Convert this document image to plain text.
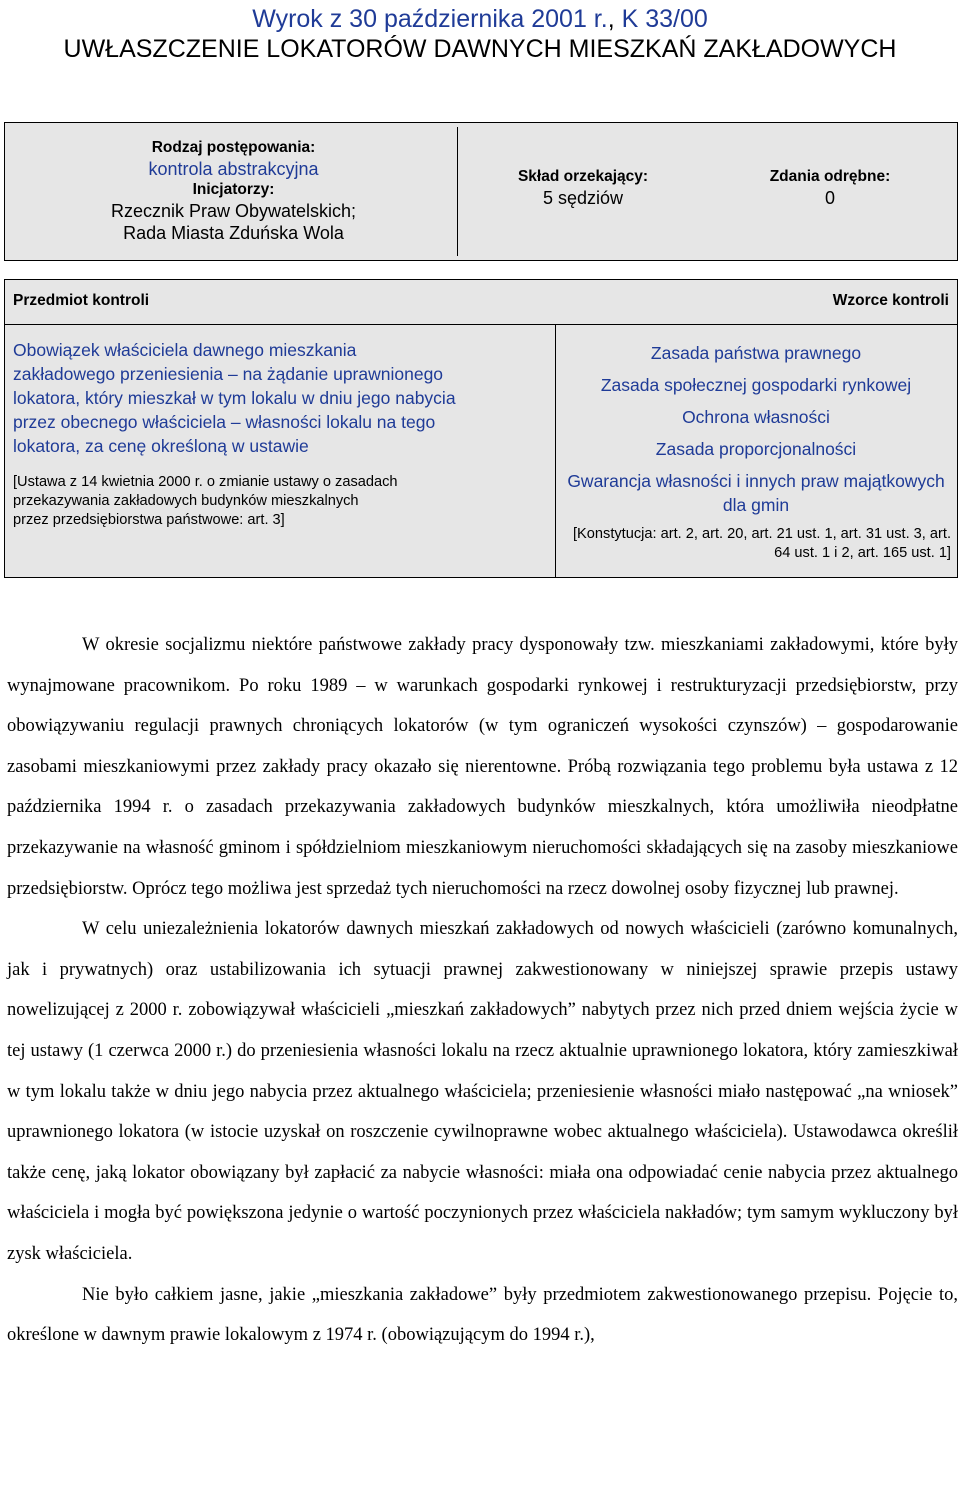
Wyrok z 30 października 2001 r., K 33/00
UWŁASZCZENIE LOKATORÓW DAWNYCH MIESZKAŃ ZAKŁADOWYCH
Rodzaj postępowania:
kontrola abstrakcyjna
Inicjatorzy:
Rzecznik Praw Obywatelskich;
Rada Miasta Zduńska Wola
Skład orzekający:
5 sędziów
Zdania odrębne:
0
Przedmiot kontroli	Wzorce kontroli
Obowiązek właściciela dawnego mieszkania
zakładowego przeniesienia – na żądanie uprawnionego
lokatora, który mieszkał w tym lokalu w dniu jego nabycia
przez obecnego właściciela – własności lokalu na tego
lokatora, za cenę określoną w ustawie
[Ustawa z 14 kwietnia 2000 r. o zmianie ustawy o zasadach
przekazywania zakładowych budynków mieszkalnych
przez przedsiębiorstwa państwowe: art. 3]
Zasada państwa prawnego
Zasada społecznej gospodarki rynkowej
Ochrona własności
Zasada proporcjonalności
Gwarancja własności i innych praw majątkowych dla gmin
[Konstytucja: art. 2, art. 20, art. 21 ust. 1, art. 31 ust. 3, art. 64 ust. 1 i 2, art. 165 ust. 1]

W okresie socjalizmu niektóre państwowe zakłady pracy dysponowały tzw. mieszkaniami zakładowymi, które były wynajmowane pracownikom. Po roku 1989 – w warunkach gospodarki rynkowej i restrukturyzacji przedsiębiorstw, przy obowiązywaniu regulacji prawnych chroniących lokatorów (w tym ograniczeń wysokości czynszów) – gospodarowanie zasobami mieszkaniowymi przez zakłady pracy okazało się nierentowne. Próbą rozwiązania tego problemu była ustawa z 12 października 1994 r. o zasadach przekazywania zakładowych budynków mieszkalnych, która umożliwiła nieodpłatne przekazywanie na własność gminom i spółdzielniom mieszkaniowym nieruchomości składających się na zasoby mieszkaniowe przedsiębiorstw. Oprócz tego możliwa jest sprzedaż tych nieruchomości na rzecz dowolnej osoby fizycznej lub prawnej.

W celu uniezależnienia lokatorów dawnych mieszkań zakładowych od nowych właścicieli (zarówno komunalnych, jak i prywatnych) oraz ustabilizowania ich sytuacji prawnej zakwestionowany w niniejszej sprawie przepis ustawy nowelizującej z 2000 r. zobowiązywał właścicieli „mieszkań zakładowych” nabytych przez nich przed dniem wejścia życie w tej ustawy (1 czerwca 2000 r.) do przeniesienia własności lokalu na rzecz aktualnie uprawnionego lokatora, który zamieszkiwał w tym lokalu także w dniu jego nabycia przez aktualnego właściciela; przeniesienie własności miało następować „na wniosek” uprawnionego lokatora (w istocie uzyskał on roszczenie cywilnoprawne wobec aktualnego właściciela). Ustawodawca określił także cenę, jaką lokator obowiązany był zapłacić za nabycie własności: miała ona odpowiadać cenie nabycia przez aktualnego właściciela i mogła być powiększona jedynie o wartość poczynionych przez właściciela nakładów; tym samym wykluczony był zysk właściciela.

Nie było całkiem jasne, jakie „mieszkania zakładowe” były przedmiotem zakwestionowanego przepisu. Pojęcie to, określone w dawnym prawie lokalowym z 1974 r. (obowiązującym do 1994 r.),
